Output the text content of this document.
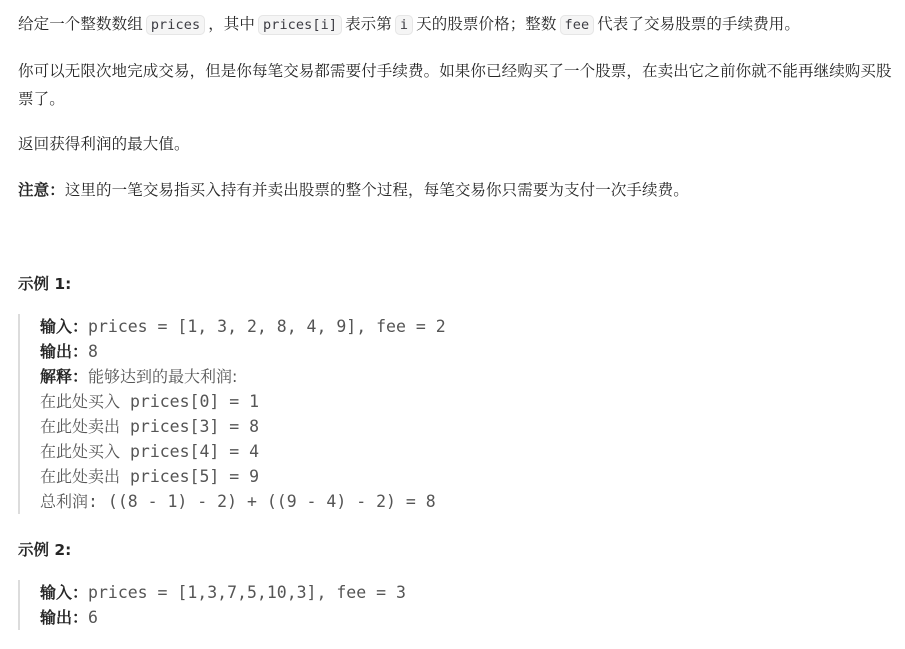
给定一个整数数组 prices ，其中 prices[i] 表示第 i 天的股票价格；整数 fee 代表了交易股票的手续费用。
你可以无限次地完成交易，但是你每笔交易都需要付手续费。如果你已经购买了一个股票，在卖出它之前你就不能再继续购买股票了。
返回获得利润的最大值。
注意：这里的一笔交易指买入持有并卖出股票的整个过程，每笔交易你只需要为支付一次手续费。
示例 1:
输入：prices = [1, 3, 2, 8, 4, 9], fee = 2
输出：8
解释：能够达到的最大利润:
在此处买入 prices[0] = 1
在此处卖出 prices[3] = 8
在此处买入 prices[4] = 4
在此处卖出 prices[5] = 9
总利润: ((8 - 1) - 2) + ((9 - 4) - 2) = 8
示例 2:
输入：prices = [1,3,7,5,10,3], fee = 3
输出：6
